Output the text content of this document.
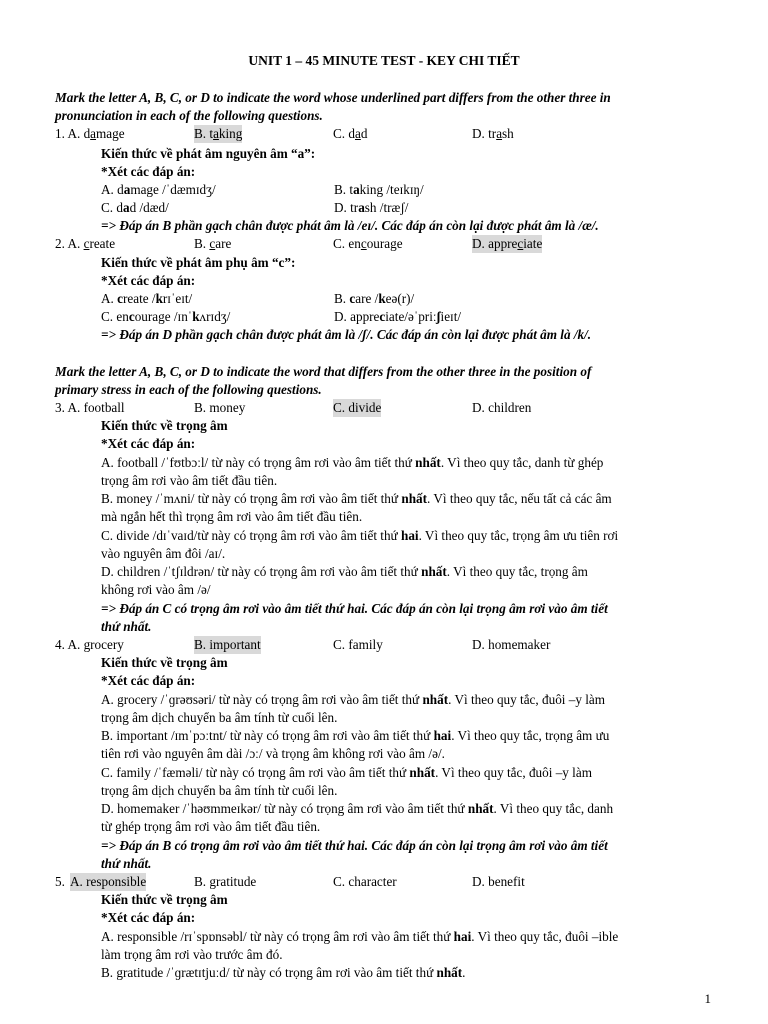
UNIT 1 – 45 MINUTE TEST - KEY CHI TIẾT
Mark the letter A, B, C, or D to indicate the word whose underlined part differs from the other three in
pronunciation in each of the following questions.
1. A. damage	B. taking	C. dad	D. trash
Kiến thức về phát âm nguyên âm “a”:
*Xét các đáp án:
A. damage /ˈdæmɪdʒ/	B. taking /teɪkɪŋ/
C. dad /dæd/	D. trash /træʃ/
=> Đáp án B phần gạch chân được phát âm là /eɪ/. Các đáp án còn lại được phát âm là /æ/.
2. A. create	B. care	C. encourage	D. appreciate
Kiến thức về phát âm phụ âm “c”:
*Xét các đáp án:
A. create /krɪˈeɪt/	B. care /keə(r)/
C. encourage /ɪnˈkʌrɪdʒ/	D. appreciate/əˈpriːʃieɪt/
=> Đáp án D phần gạch chân được phát âm là /ʃ/. Các đáp án còn lại được phát âm là /k/.
Mark the letter A, B, C, or D to indicate the word that differs from the other three in the position of
primary stress in each of the following questions.
3. A. football	B. money	C. divide	D. children
Kiến thức về trọng âm
*Xét các đáp án:
A. football /ˈfʊtbɔːl/ từ này có trọng âm rơi vào âm tiết thứ nhất. Vì theo quy tắc, danh từ ghép
trọng âm rơi vào âm tiết đầu tiên.
B. money /ˈmʌni/ từ này có trọng âm rơi vào âm tiết thứ nhất. Vì theo quy tắc, nếu tất cả các âm
mà ngắn hết thì trọng âm rơi vào âm tiết đầu tiên.
C. divide /dɪˈvaɪd/từ này có trọng âm rơi vào âm tiết thứ hai. Vì theo quy tắc, trọng âm ưu tiên rơi
vào nguyên âm đôi /aɪ/.
D. children /ˈtʃɪldrən/ từ này có trọng âm rơi vào âm tiết thứ nhất. Vì theo quy tắc, trọng âm
không rơi vào âm /ə/
=> Đáp án C có trọng âm rơi vào âm tiết thứ hai. Các đáp án còn lại trọng âm rơi vào âm tiết
thứ nhất.
4. A. grocery	B. important	C. family	D. homemaker
Kiến thức về trọng âm
*Xét các đáp án:
A. grocery /ˈɡrəʊsəri/ từ này có trọng âm rơi vào âm tiết thứ nhất. Vì theo quy tắc, đuôi –y làm
trọng âm dịch chuyển ba âm tính từ cuối lên.
B. important /ɪmˈpɔːtnt/ từ này có trọng âm rơi vào âm tiết thứ hai. Vì theo quy tắc, trọng âm ưu
tiên rơi vào nguyên âm dài /ɔː/ và trọng âm không rơi vào âm /ə/.
C. family /ˈfæməli/ từ này có trọng âm rơi vào âm tiết thứ nhất. Vì theo quy tắc, đuôi –y làm
trọng âm dịch chuyển ba âm tính từ cuối lên.
D. homemaker /ˈhəʊmmeɪkər/ từ này có trọng âm rơi vào âm tiết thứ nhất. Vì theo quy tắc, danh
từ ghép trọng âm rơi vào âm tiết đầu tiên.
=> Đáp án B có trọng âm rơi vào âm tiết thứ hai. Các đáp án còn lại trọng âm rơi vào âm tiết
thứ nhất.
5. A. responsible	B. gratitude	C. character	D. benefit
Kiến thức về trọng âm
*Xét các đáp án:
A. responsible /rɪˈspɒnsəbl/ từ này có trọng âm rơi vào âm tiết thứ hai. Vì theo quy tắc, đuôi –ible
làm trọng âm rơi vào trước âm đó.
B. gratitude /ˈɡrætɪtjuːd/ từ này có trọng âm rơi vào âm tiết thứ nhất.
1
